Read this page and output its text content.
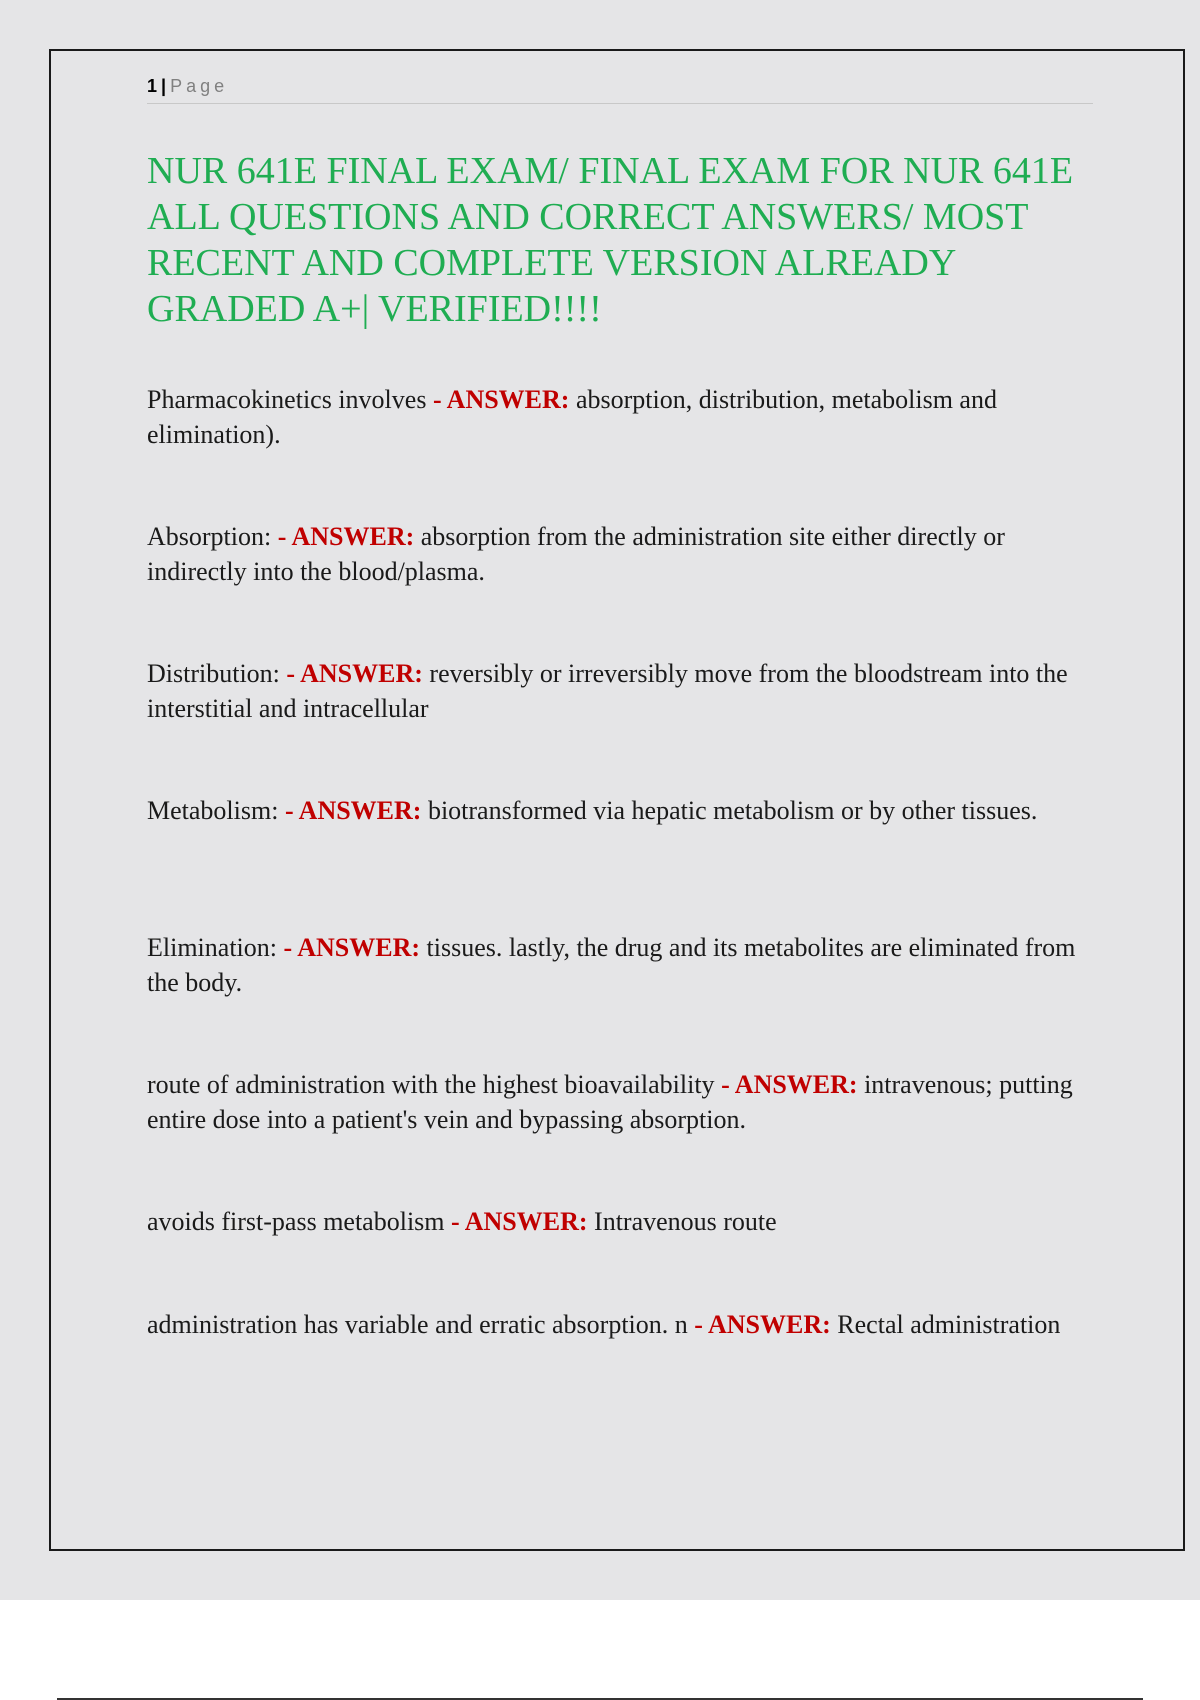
1 | Page
NUR 641E FINAL EXAM/ FINAL EXAM FOR NUR 641E ALL QUESTIONS AND CORRECT ANSWERS/ MOST RECENT AND COMPLETE VERSION ALREADY GRADED A+| VERIFIED!!!!

Pharmacokinetics involves - ANSWER: absorption, distribution, metabolism and elimination).

Absorption: - ANSWER: absorption from the administration site either directly or indirectly into the blood/plasma.

Distribution: - ANSWER: reversibly or irreversibly move from the bloodstream into the interstitial and intracellular

Metabolism: - ANSWER: biotransformed via hepatic metabolism or by other tissues.

Elimination: - ANSWER: tissues. lastly, the drug and its metabolites are eliminated from the body.

route of administration with the highest bioavailability - ANSWER: intravenous; putting entire dose into a patient's vein and bypassing absorption.

avoids first-pass metabolism - ANSWER: Intravenous route

administration has variable and erratic absorption. n - ANSWER: Rectal administration
